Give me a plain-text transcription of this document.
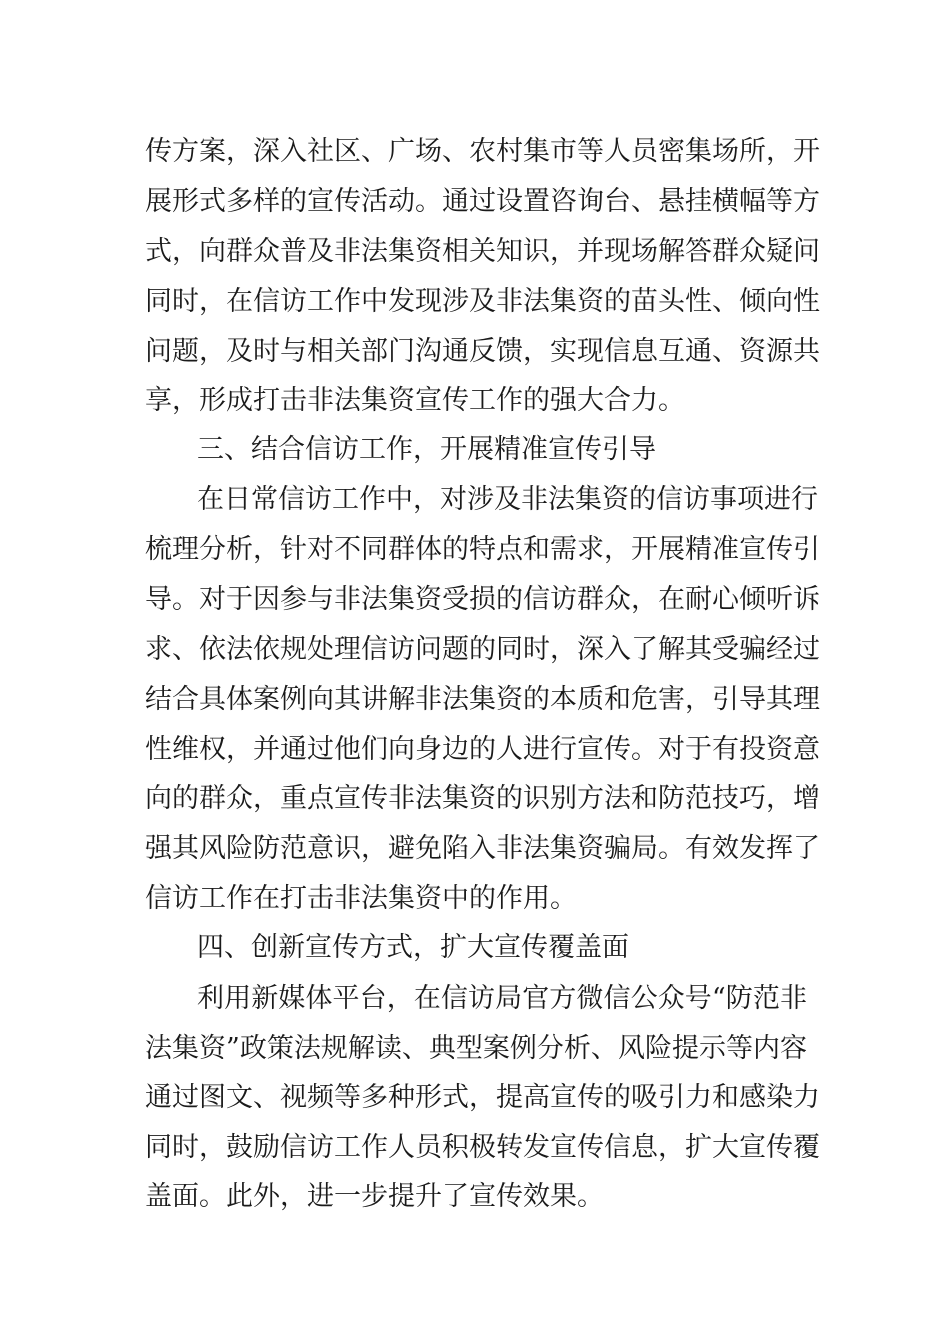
传方案，深入社区、广场、农村集市等人员密集场所，开
展形式多样的宣传活动。通过设置咨询台、悬挂横幅等方
式，向群众普及非法集资相关知识，并现场解答群众疑问
同时，在信访工作中发现涉及非法集资的苗头性、倾向性
问题，及时与相关部门沟通反馈，实现信息互通、资源共
享，形成打击非法集资宣传工作的强大合力。
三、结合信访工作，开展精准宣传引导
在日常信访工作中，对涉及非法集资的信访事项进行
梳理分析，针对不同群体的特点和需求，开展精准宣传引
导。对于因参与非法集资受损的信访群众，在耐心倾听诉
求、依法依规处理信访问题的同时，深入了解其受骗经过
结合具体案例向其讲解非法集资的本质和危害，引导其理
性维权，并通过他们向身边的人进行宣传。对于有投资意
向的群众，重点宣传非法集资的识别方法和防范技巧，增
强其风险防范意识，避免陷入非法集资骗局。有效发挥了
信访工作在打击非法集资中的作用。
四、创新宣传方式，扩大宣传覆盖面
利用新媒体平台，在信访局官方微信公众号“防范非
法集资”政策法规解读、典型案例分析、风险提示等内容
通过图文、视频等多种形式，提高宣传的吸引力和感染力
同时，鼓励信访工作人员积极转发宣传信息，扩大宣传覆
盖面。此外，进一步提升了宣传效果。
